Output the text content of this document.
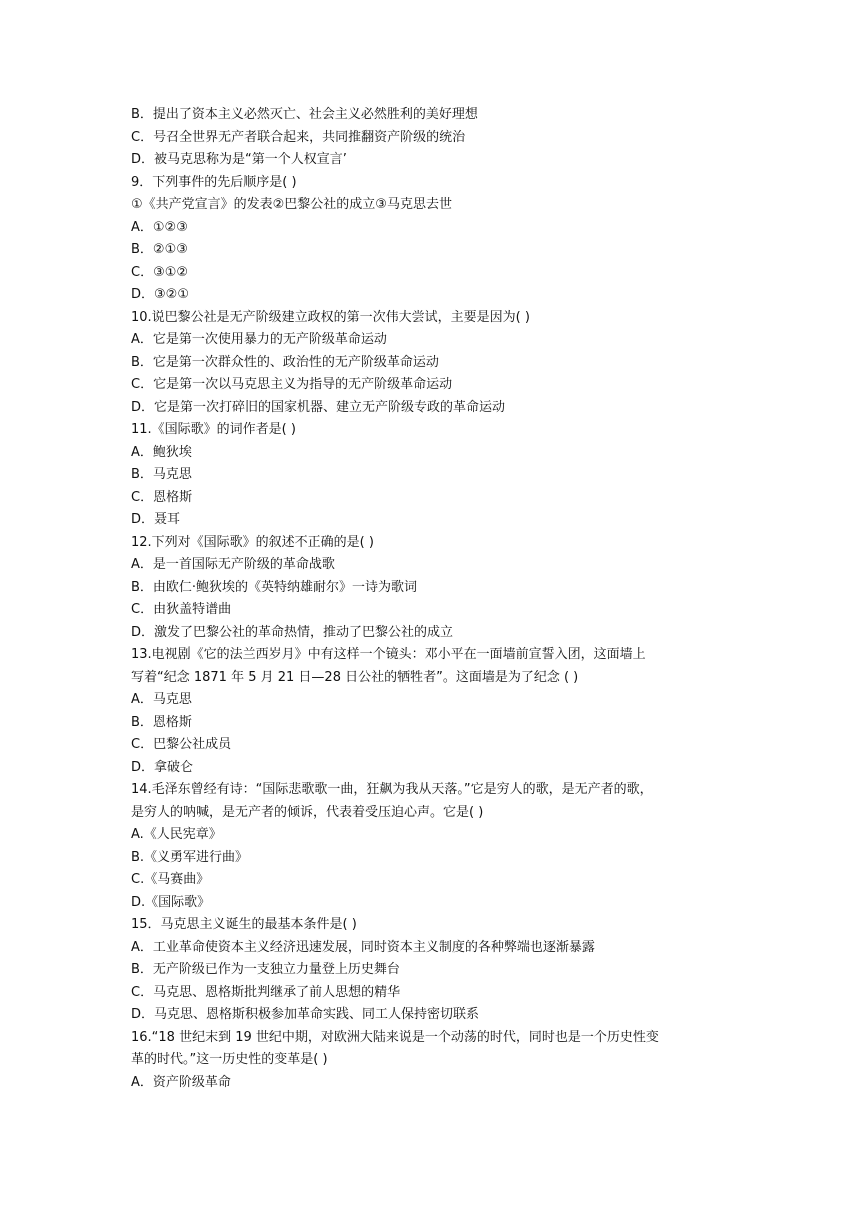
B．提出了资本主义必然灭亡、社会主义必然胜利的美好理想
C．号召全世界无产者联合起来，共同推翻资产阶级的统治
D．被马克思称为是“第一个人权宣言’
9．下列事件的先后顺序是( )
①《共产党宣言》的发表②巴黎公社的成立③马克思去世
A．①②③
B．②①③
C．③①②
D．③②①
10.说巴黎公社是无产阶级建立政权的第一次伟大尝试，主要是因为( )
A．它是第一次使用暴力的无产阶级革命运动
B．它是第一次群众性的、政治性的无产阶级革命运动
C．它是第一次以马克思主义为指导的无产阶级革命运动
D．它是第一次打碎旧的国家机器、建立无产阶级专政的革命运动
11.《国际歌》的词作者是( )
A．鲍狄埃
B．马克思
C．恩格斯
D．聂耳
12.下列对《国际歌》的叙述不正确的是( )
A．是一首国际无产阶级的革命战歌
B．由欧仁·鲍狄埃的《英特纳雄耐尔》一诗为歌词
C．由狄盖特谱曲
D．激发了巴黎公社的革命热情，推动了巴黎公社的成立
13.电视剧《它的法兰西岁月》中有这样一个镜头：邓小平在一面墙前宣誓入团，这面墙上
写着“纪念 1871 年 5 月 21 日—28 日公社的牺牲者”。这面墙是为了纪念 ( )
A．马克思
B．恩格斯
C．巴黎公社成员
D．拿破仑
14.毛泽东曾经有诗：“国际悲歌歌一曲，狂飙为我从天落。”它是穷人的歌，是无产者的歌，
是穷人的呐喊，是无产者的倾诉，代表着受压迫心声。它是( )
A.《人民宪章》
B.《义勇军进行曲》
C.《马赛曲》
D.《国际歌》
15．马克思主义诞生的最基本条件是( )
A．工业革命使资本主义经济迅速发展，同时资本主义制度的各种弊端也逐渐暴露
B．无产阶级已作为一支独立力量登上历史舞台
C．马克思、恩格斯批判继承了前人思想的精华
D．马克思、恩格斯积极参加革命实践、同工人保持密切联系
16.“18 世纪末到 19 世纪中期，对欧洲大陆来说是一个动荡的时代，同时也是一个历史性变
革的时代。”这一历史性的变革是( )
A．资产阶级革命
